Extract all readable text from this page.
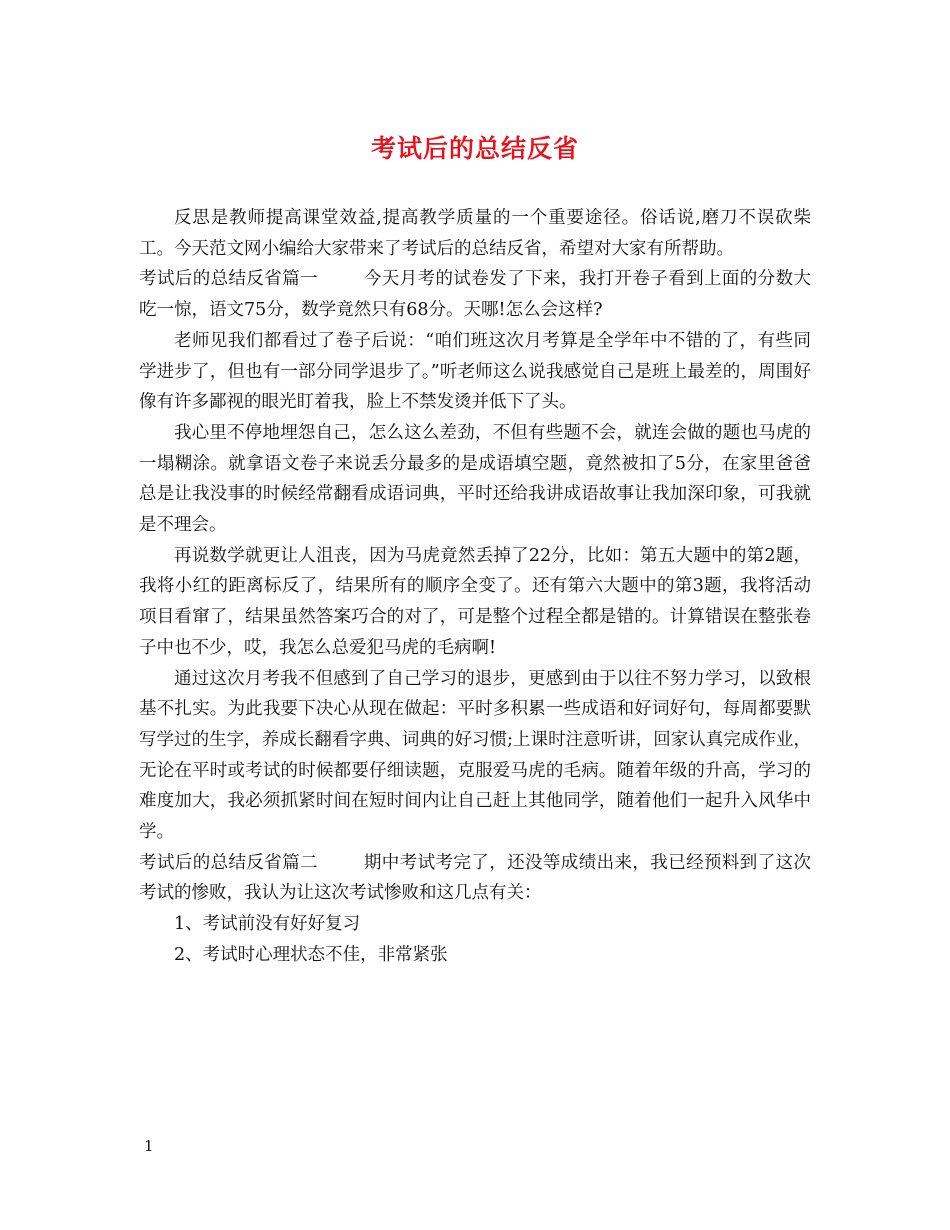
考试后的总结反省

反思是教师提高课堂效益,提高教学质量的一个重要途径。俗话说,磨刀不误砍柴工。今天范文网小编给大家带来了考试后的总结反省，希望对大家有所帮助。

考试后的总结反省篇一	今天月考的试卷发了下来，我打开卷子看到上面的分数大吃一惊，语文75分，数学竟然只有68分。天哪!怎么会这样?

老师见我们都看过了卷子后说：“咱们班这次月考算是全学年中不错的了，有些同学进步了，但也有一部分同学退步了。”听老师这么说我感觉自己是班上最差的，周围好像有许多鄙视的眼光盯着我，脸上不禁发烫并低下了头。

我心里不停地埋怨自己，怎么这么差劲，不但有些题不会，就连会做的题也马虎的一塌糊涂。就拿语文卷子来说丢分最多的是成语填空题，竟然被扣了5分，在家里爸爸总是让我没事的时候经常翻看成语词典，平时还给我讲成语故事让我加深印象，可我就是不理会。

再说数学就更让人沮丧，因为马虎竟然丢掉了22分，比如：第五大题中的第2题，我将小红的距离标反了，结果所有的顺序全变了。还有第六大题中的第3题，我将活动项目看窜了，结果虽然答案巧合的对了，可是整个过程全都是错的。计算错误在整张卷子中也不少，哎，我怎么总爱犯马虎的毛病啊!

通过这次月考我不但感到了自己学习的退步，更感到由于以往不努力学习，以致根基不扎实。为此我要下决心从现在做起：平时多积累一些成语和好词好句，每周都要默写学过的生字，养成长翻看字典、词典的好习惯;上课时注意听讲，回家认真完成作业，无论在平时或考试的时候都要仔细读题，克服爱马虎的毛病。随着年级的升高，学习的难度加大，我必须抓紧时间在短时间内让自己赶上其他同学，随着他们一起升入风华中学。

考试后的总结反省篇二	期中考试考完了，还没等成绩出来，我已经预料到了这次考试的惨败，我认为让这次考试惨败和这几点有关：

1、考试前没有好好复习

2、考试时心理状态不佳，非常紧张

1
